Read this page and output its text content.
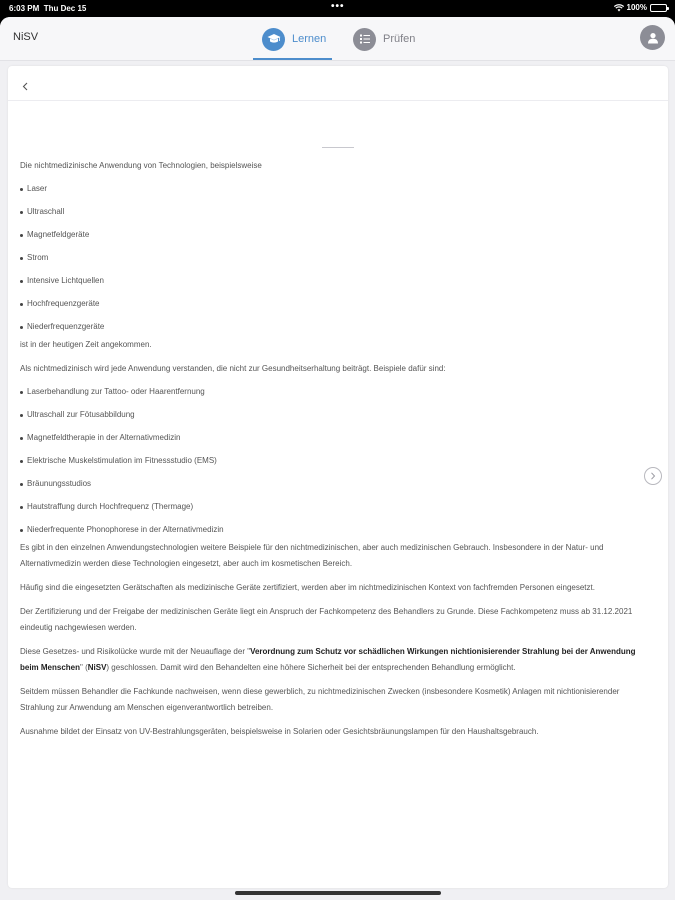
6:03 PM Thu Dec 15	•••	100%
NiSV	Lernen	Prüfen

Die nichtmedizinische Anwendung von Technologien, beispielsweise

Laser
Ultraschall
Magnetfeldgeräte
Strom
Intensive Lichtquellen
Hochfrequenzgeräte
Niederfrequenzgeräte

ist in der heutigen Zeit angekommen.

Als nichtmedizinisch wird jede Anwendung verstanden, die nicht zur Gesundheitserhaltung beiträgt. Beispiele dafür sind:

Laserbehandlung zur Tattoo- oder Haarentfernung
Ultraschall zur Fötusabbildung
Magnetfeldtherapie in der Alternativmedizin
Elektrische Muskelstimulation im Fitnessstudio (EMS)
Bräunungsstudios
Hautstraffung durch Hochfrequenz (Thermage)
Niederfrequente Phonophorese in der Alternativmedizin

Es gibt in den einzelnen Anwendungstechnologien weitere Beispiele für den nichtmedizinischen, aber auch medizinischen Gebrauch. Insbesondere in der Natur- und Alternativmedizin werden diese Technologien eingesetzt, aber auch im kosmetischen Bereich.

Häufig sind die eingesetzten Gerätschaften als medizinische Geräte zertifiziert, werden aber im nichtmedizinischen Kontext von fachfremden Personen eingesetzt.

Der Zertifizierung und der Freigabe der medizinischen Geräte liegt ein Anspruch der Fachkompetenz des Behandlers zu Grunde. Diese Fachkompetenz muss ab 31.12.2021 eindeutig nachgewiesen werden.

Diese Gesetzes- und Risikolücke wurde mit der Neuauflage der "Verordnung zum Schutz vor schädlichen Wirkungen nichtionisierender Strahlung bei der Anwendung beim Menschen" (NiSV) geschlossen. Damit wird den Behandelten eine höhere Sicherheit bei der entsprechenden Behandlung ermöglicht.

Seitdem müssen Behandler die Fachkunde nachweisen, wenn diese gewerblich, zu nichtmedizinischen Zwecken (insbesondere Kosmetik) Anlagen mit nichtionisierender Strahlung zur Anwendung am Menschen eigenverantwortlich betreiben.

Ausnahme bildet der Einsatz von UV-Bestrahlungsgeräten, beispielsweise in Solarien oder Gesichtsbräunungslampen für den Haushaltsgebrauch.
